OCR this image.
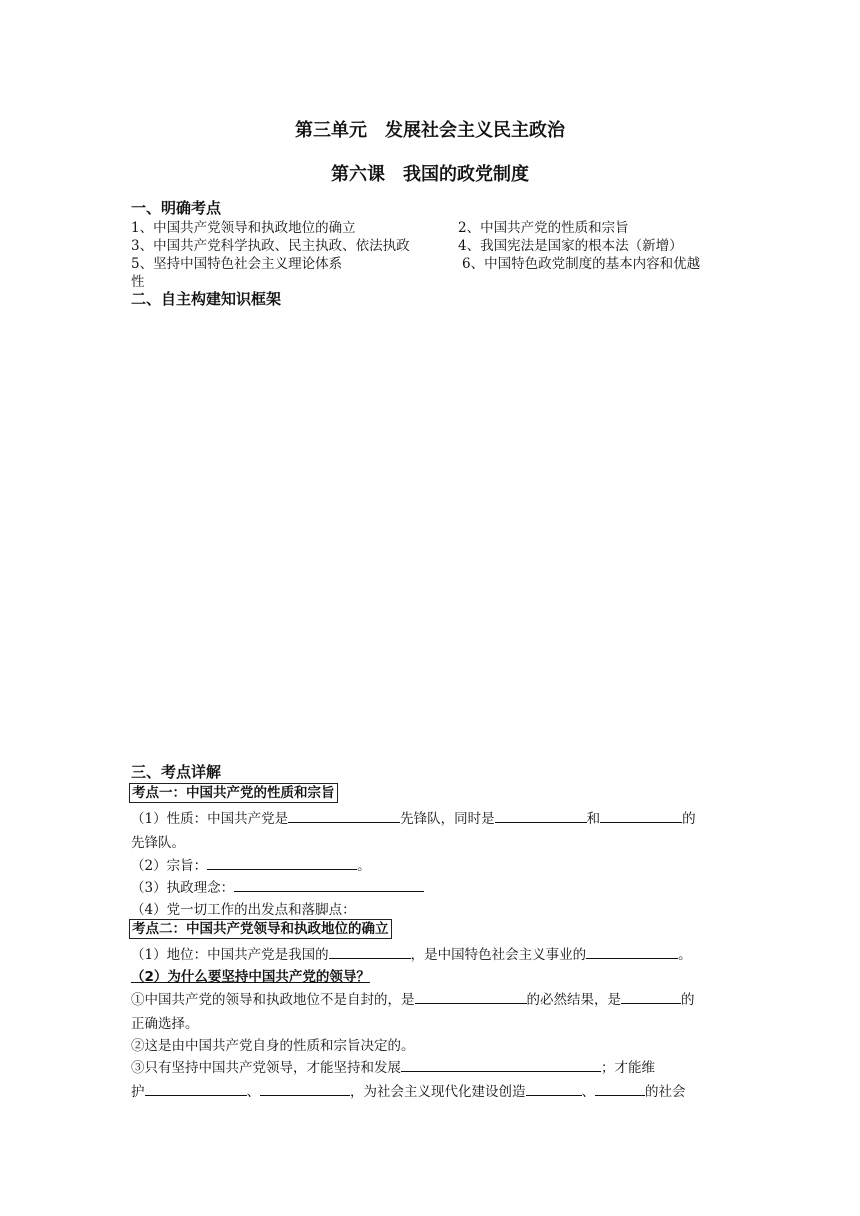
第三单元　发展社会主义民主政治
第六课　我国的政党制度
一、明确考点
1、中国共产党领导和执政地位的确立	2、中国共产党的性质和宗旨
3、中国共产党科学执政、民主执政、依法执政	4、我国宪法是国家的根本法（新增）
5、坚持中国特色社会主义理论体系	6、中国特色政党制度的基本内容和优越
性
二、自主构建知识框架
三、考点详解
考点一：中国共产党的性质和宗旨
（1）性质：中国共产党是	先锋队，同时是	和	的
先锋队。
（2）宗旨：	。
（3）执政理念：
（4）党一切工作的出发点和落脚点：
考点二：中国共产党领导和执政地位的确立
（1）地位：中国共产党是我国的	，是中国特色社会主义事业的	。
（2）为什么要坚持中国共产党的领导？
①中国共产党的领导和执政地位不是自封的，是	的必然结果，是	的
正确选择。
②这是由中国共产党自身的性质和宗旨决定的。
③只有坚持中国共产党领导，才能坚持和发展	；才能维
护	、	，为社会主义现代化建设创造	、	的社会
